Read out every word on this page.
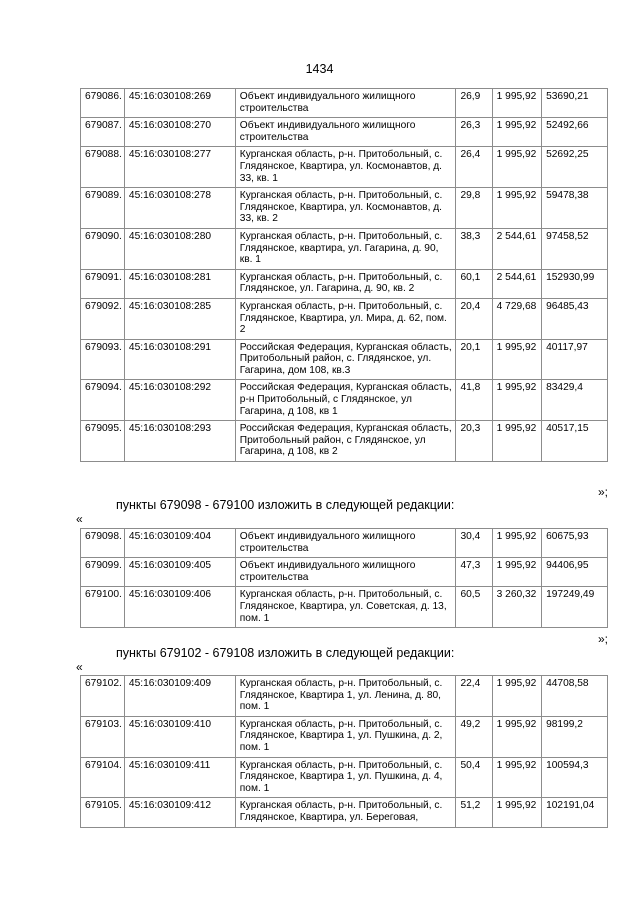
1434
679086.	45:16:030108:269	Объект индивидуального жилищного строительства	26,9	1 995,92	53690,21
679087.	45:16:030108:270	Объект индивидуального жилищного строительства	26,3	1 995,92	52492,66
679088.	45:16:030108:277	Курганская область, р-н. Притобольный, с. Глядянское, Квартира, ул. Космонавтов, д. 33, кв. 1	26,4	1 995,92	52692,25
679089.	45:16:030108:278	Курганская область, р-н. Притобольный, с. Глядянское, Квартира, ул. Космонавтов, д. 33, кв. 2	29,8	1 995,92	59478,38
679090.	45:16:030108:280	Курганская область, р-н. Притобольный, с. Глядянское, квартира, ул. Гагарина, д. 90, кв. 1	38,3	2 544,61	97458,52
679091.	45:16:030108:281	Курганская область, р-н. Притобольный, с. Глядянское, ул. Гагарина, д. 90, кв. 2	60,1	2 544,61	152930,99
679092.	45:16:030108:285	Курганская область, р-н. Притобольный, с. Глядянское, Квартира, ул. Мира, д. 62, пом. 2	20,4	4 729,68	96485,43
679093.	45:16:030108:291	Российская Федерация, Курганская область, Притобольный район, с. Глядянское, ул. Гагарина, дом 108, кв.3	20,1	1 995,92	40117,97
679094.	45:16:030108:292	Российская Федерация, Курганская область, р-н Притобольный, с Глядянское, ул Гагарина, д 108, кв 1	41,8	1 995,92	83429,4
679095.	45:16:030108:293	Российская Федерация, Курганская область, Притобольный район, с Глядянское, ул Гагарина, д 108, кв 2	20,3	1 995,92	40517,15
»;
пункты 679098 - 679100 изложить в следующей редакции:
«
679098.	45:16:030109:404	Объект индивидуального жилищного строительства	30,4	1 995,92	60675,93
679099.	45:16:030109:405	Объект индивидуального жилищного строительства	47,3	1 995,92	94406,95
679100.	45:16:030109:406	Курганская область, р-н. Притобольный, с. Глядянское, Квартира, ул. Советская, д. 13, пом. 1	60,5	3 260,32	197249,49
»;
пункты 679102 - 679108 изложить в следующей редакции:
«
679102.	45:16:030109:409	Курганская область, р-н. Притобольный, с. Глядянское, Квартира 1, ул. Ленина, д. 80, пом. 1	22,4	1 995,92	44708,58
679103.	45:16:030109:410	Курганская область, р-н. Притобольный, с. Глядянское, Квартира 1, ул. Пушкина, д. 2, пом. 1	49,2	1 995,92	98199,2
679104.	45:16:030109:411	Курганская область, р-н. Притобольный, с. Глядянское, Квартира 1, ул. Пушкина, д. 4, пом. 1	50,4	1 995,92	100594,3
679105.	45:16:030109:412	Курганская область, р-н. Притобольный, с. Глядянское, Квартира, ул. Береговая,	51,2	1 995,92	102191,04
